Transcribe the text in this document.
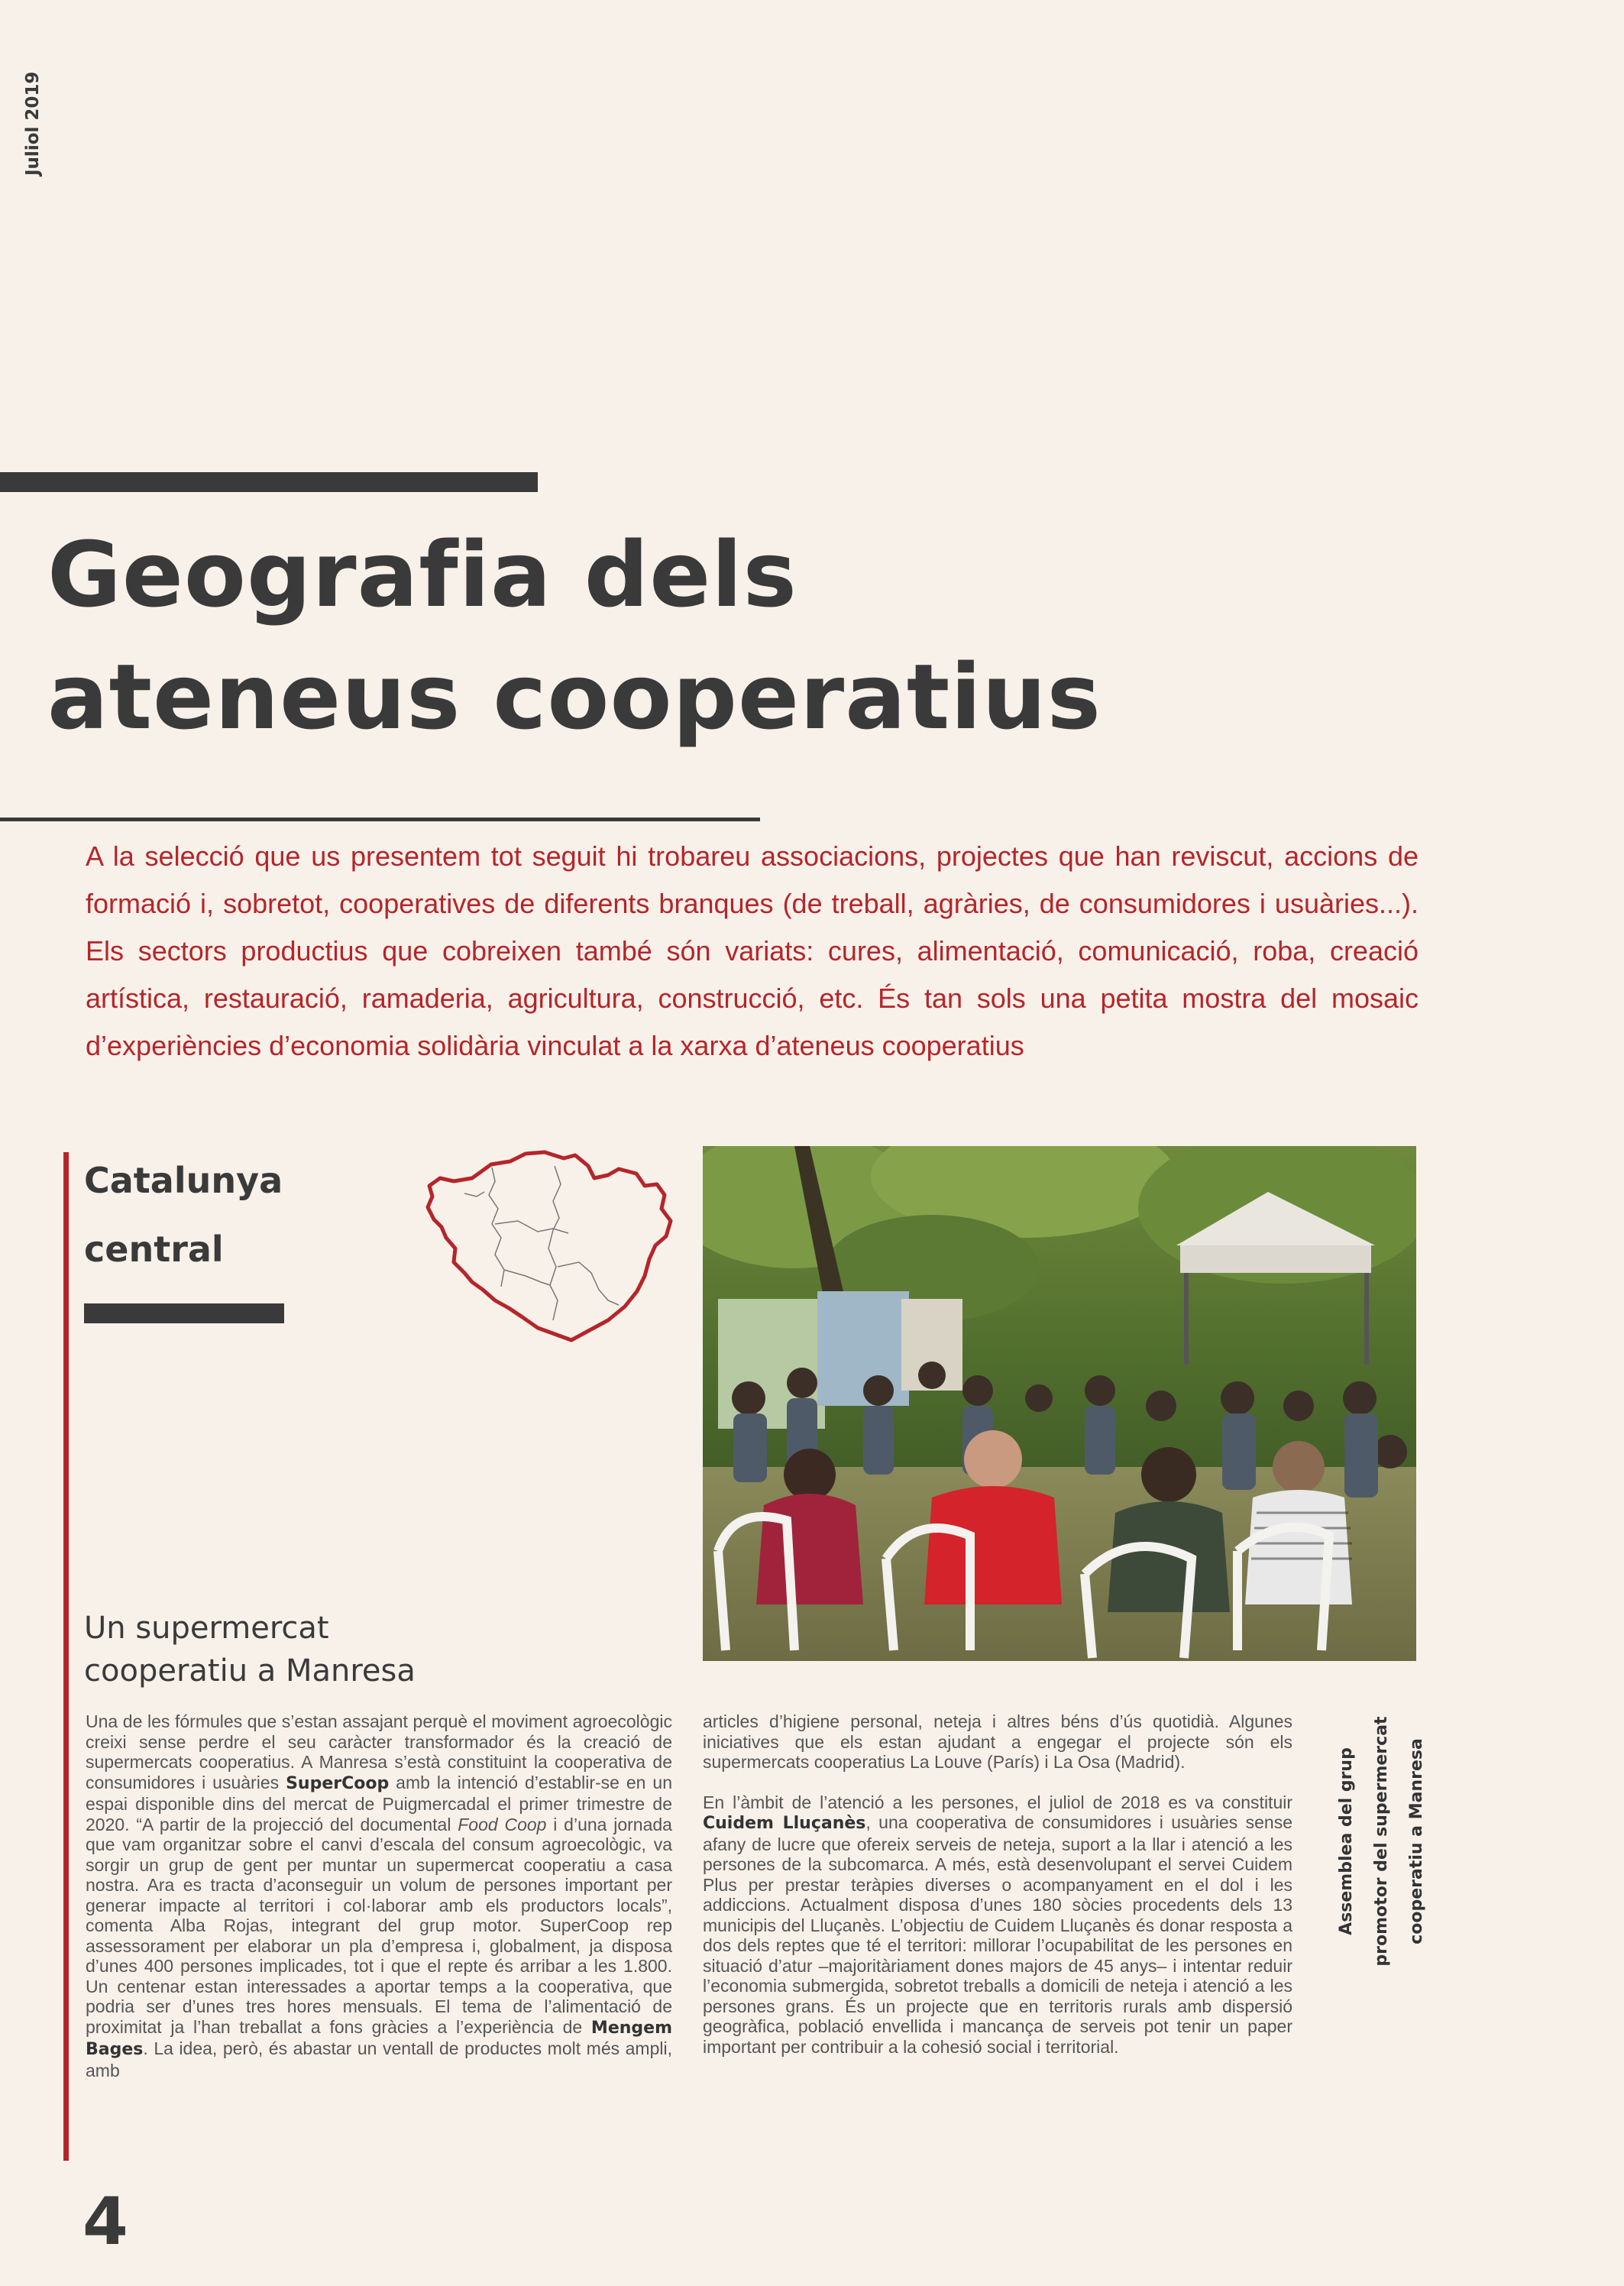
Juliol 2019
Geografia dels
ateneus cooperatius
A la selecció que us presentem tot seguit hi trobareu associacions, projectes que han reviscut, accions de formació i, sobretot, cooperatives de diferents branques (de treball, agràries, de consumidores i usuàries...). Els sectors productius que cobreixen també són variats: cures, alimentació, comunicació, roba, creació artística, restauració, ramaderia, agricultura, construcció, etc. És tan sols una petita mostra del mosaic d’experiències d’economia solidària vinculat a la xarxa d’ateneus cooperatius
Catalunya
central
Un supermercat
cooperatiu a Manresa

Una de les fórmules que s’estan assajant perquè el moviment agroecològic creixi sense perdre el seu caràcter transformador és la creació de supermercats cooperatius. A Manresa s’està constituint la cooperativa de consumidores i usuàries SuperCoop amb la intenció d’establir-se en un espai disponible dins del mercat de Puigmercadal el primer trimestre de 2020. “A partir de la projecció del documental Food Coop i d’una jornada que vam organitzar sobre el canvi d’escala del consum agroecològic, va sorgir un grup de gent per muntar un supermercat cooperatiu a casa nostra. Ara es tracta d’aconseguir un volum de persones important per generar impacte al territori i col·laborar amb els productors locals”, comenta Alba Rojas, integrant del grup motor. SuperCoop rep assessorament per elaborar un pla d’empresa i, globalment, ja disposa d’unes 400 persones implicades, tot i que el repte és arribar a les 1.800. Un centenar estan interessades a aportar temps a la cooperativa, que podria ser d’unes tres hores mensuals. El tema de l’alimentació de proximitat ja l’han treballat a fons gràcies a l’experiència de Mengem Bages. La idea, però, és abastar un ventall de productes molt més ampli, amb

articles d’higiene personal, neteja i altres béns d’ús quotidià. Algunes iniciatives que els estan ajudant a engegar el projecte són els supermercats cooperatius La Louve (París) i La Osa (Madrid).

En l’àmbit de l’atenció a les persones, el juliol de 2018 es va constituir Cuidem Lluçanès, una cooperativa de consumidores i usuàries sense afany de lucre que ofereix serveis de neteja, suport a la llar i atenció a les persones de la subcomarca. A més, està desenvolupant el servei Cuidem Plus per prestar teràpies diverses o acompanyament en el dol i les addiccions. Actualment disposa d’unes 180 sòcies procedents dels 13 municipis del Lluçanès. L’objectiu de Cuidem Lluçanès és donar resposta a dos dels reptes que té el territori: millorar l’ocupabilitat de les persones en situació d’atur –majoritàriament dones majors de 45 anys– i intentar reduir l’economia submergida, sobretot treballs a domicili de neteja i atenció a les persones grans. És un projecte que en territoris rurals amb dispersió geogràfica, població envellida i mancança de serveis pot tenir un paper important per contribuir a la cohesió social i territorial.

Assemblea del grup promotor del supermercat cooperatiu a Manresa
4
